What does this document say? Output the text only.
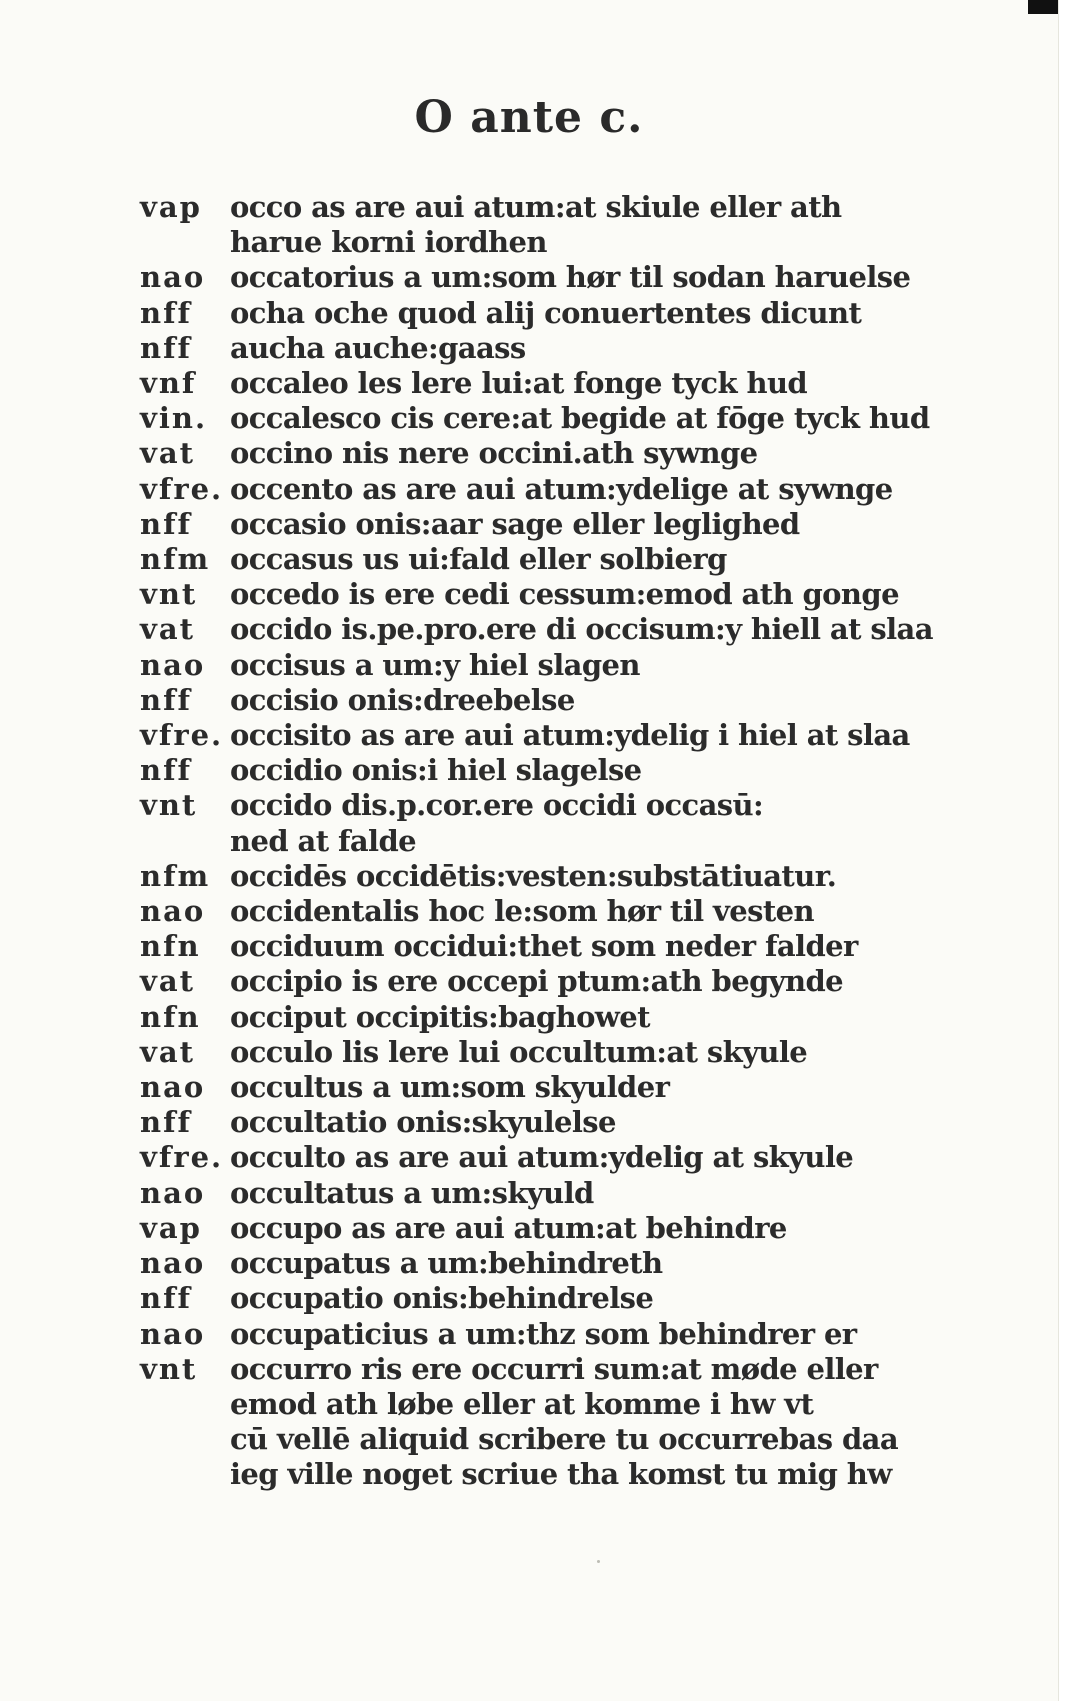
O ante c.
vap occo as are aui atum:at skiule eller ath
harue korni iordhen
nao occatorius a um:som hør til sodan haruelse
nff	ocha oche quod alij conuertentes dicunt
nff	aucha auche:gaass
vnf	occaleo les lere lui:at fonge tyck hud
vin. occalesco cis cere:at begide at fōge tyck hud
vat	occino nis nere occini.ath sywnge
vfre. occento as are aui atum:ydelige at sywnge
nff	occasio onis:aar sage eller leglighed
nfm occasus us ui:fald eller solbierg
vnt	occedo is ere cedi cessum:emod ath gonge
vat	occido is.pe.pro.ere di occisum:y hiell at slaa
nao occisus a um:y hiel slagen
nff	occisio onis:dreebelse
vfre. occisito as are aui atum:ydelig i hiel at slaa
nff	occidio onis:i hiel slagelse
vnt	occido dis.p.cor.ere occidi occasū:
ned at falde
nfm occidēs occidētis:vesten:substātiuatur.
nao occidentalis hoc le:som hør til vesten
nfn	occiduum occidui:thet som neder falder
vat	occipio is ere occepi ptum:ath begynde
nfn	occiput occipitis:baghowet
vat	occulo lis lere lui occultum:at skyule
nao occultus a um:som skyulder
nff	occultatio onis:skyulelse
vfre. occulto as are aui atum:ydelig at skyule
nao occultatus a um:skyuld
vap occupo as are aui atum:at behindre
nao occupatus a um:behindreth
nff	occupatio onis:behindrelse
nao occupaticius a um:thz som behindrer er
vnt	occurro ris ere occurri sum:at møde eller
emod ath løbe eller at komme i hw vt
cū vellē aliquid scribere tu occurrebas daa
ieg ville noget scriue tha komst tu mig hw
